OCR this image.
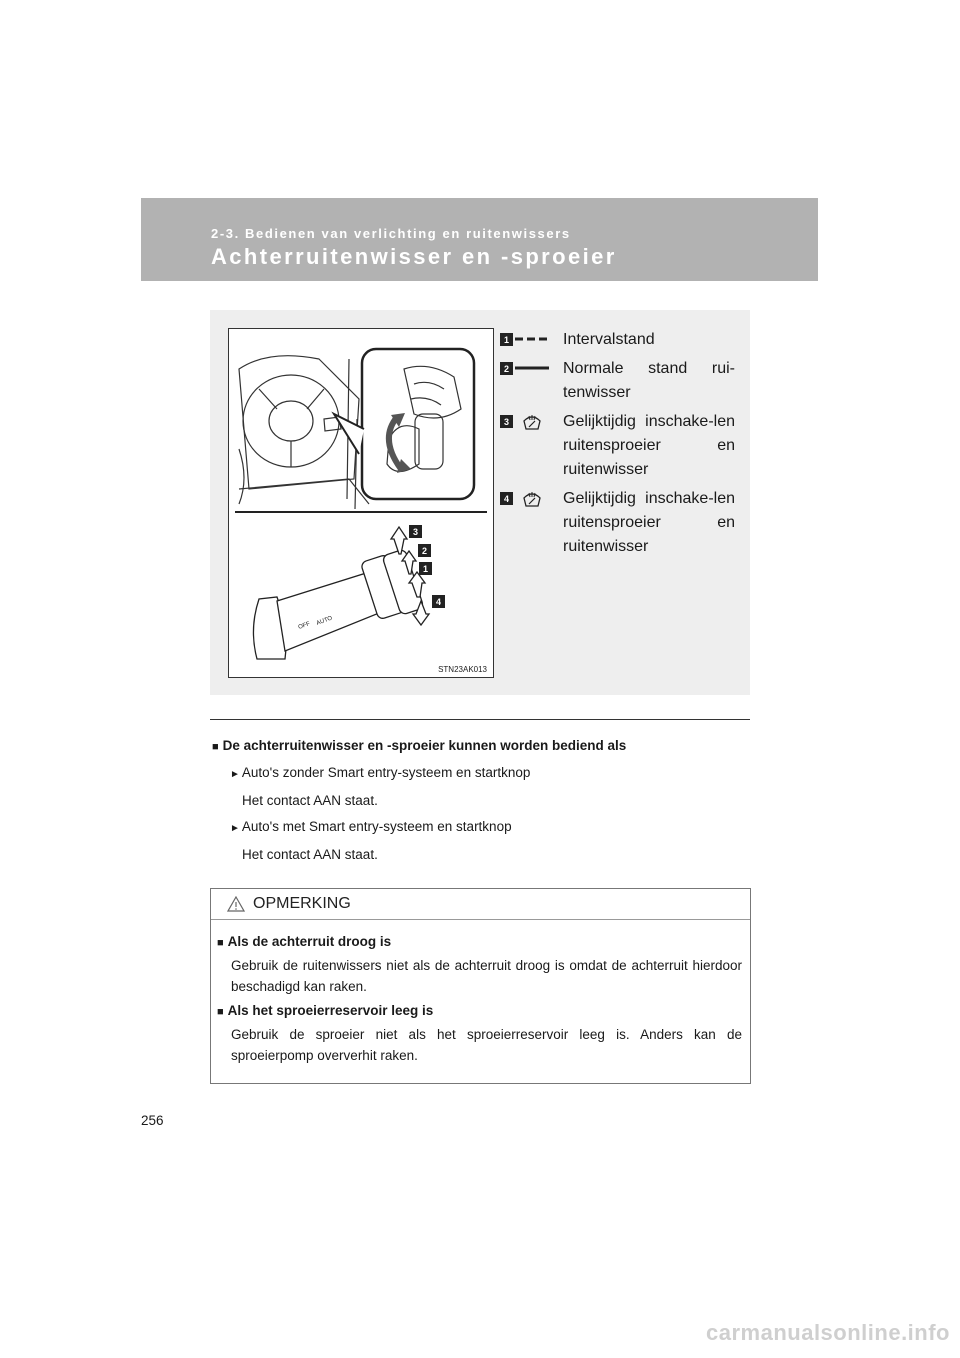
2-3. Bedienen van verlichting en ruitenwissers
Achterruitenwisser en -sproeier
AUTO
OFF
3
2
1
4
STN23AK013
1	Intervalstand
2	Normale stand rui-tenwisser
3	Gelijktijdig inschake-len ruitensproeier en ruitenwisser
4	Gelijktijdig inschake-len ruitensproeier en ruitenwisser
■ De achterruitenwisser en -sproeier kunnen worden bediend als
► Auto's zonder Smart entry-systeem en startknop
Het contact AAN staat.
► Auto's met Smart entry-systeem en startknop
Het contact AAN staat.
OPMERKING
■ Als de achterruit droog is
Gebruik de ruitenwissers niet als de achterruit droog is omdat de achterruit hierdoor beschadigd kan raken.
■ Als het sproeierreservoir leeg is
Gebruik de sproeier niet als het sproeierreservoir leeg is. Anders kan de sproeierpomp oververhit raken.
256
carmanualsonline.info
